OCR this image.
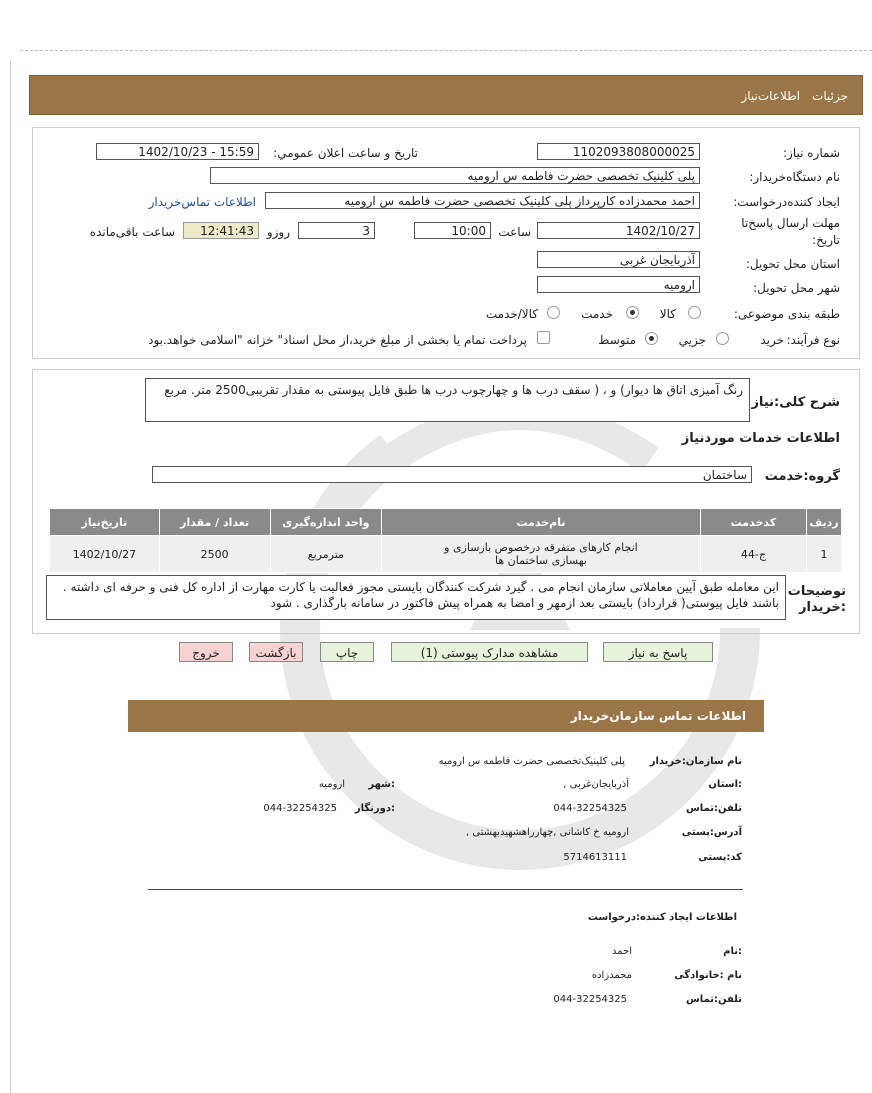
جزئیات
اطلاعات‌نیاز
شماره نیاز:
1102093808000025
تاریخ و ساعت اعلان عمومي:
1402/10/23 - 15:59
نام دستگاه‌خریدار:
پلی کلینیک تخصصی حضرت فاطمه س ارومیه
ایجاد کننده‌درخواست:
احمد محمدزاده کارپرداز پلی کلینیک تخصصی حضرت فاطمه س ارومیه
اطلاعات تماس‌خریدار
مهلت ارسال پاسخ‌تا
تاریخ:
1402/10/27
ساعت
10:00
3
روزو
12:41:43
ساعت باقی‌مانده
استان محل تحویل:
آذربایجان غربی
شهر محل تحویل:
ارومیه
طبقه بندی موضوعی:
کالا
خدمت
کالا/خدمت
نوع فرآیند:
خرید
جزیي
متوسط
پرداخت تمام یا بخشی از مبلغ خرید،از محل اسناد" خزانه "اسلامی خواهد.بود
شرح کلی:نیاز
رنگ آمیزی اتاق ها دیوار) و ، ( سقف درب ها و چهارچوب درب ها طبق فایل پیوستی به مقدار تقریبی2500 متر. مربع
اطلاعات خدمات موردنیاز
گروه:خدمت
ساختمان
ردیف	کدخدمت	نام‌خدمت	واحد اندازه‌گیری	تعداد / مقدار	تاریخ‌نیاز
1	ج-44	انجام کارهای متفرقه درخصوص بازسازی و بهسازی ساختمان ها	مترمربع	2500	1402/10/27
توضیحات
:خریدار
این معامله طبق آیین معاملاتی سازمان انجام می . گیرد شرکت کنندگان بایستی مجوز فعالیت یا کارت مهارت از اداره کل فنی و حرفه ای داشته . باشند فایل پیوستی( قرارداد) بایستی بعد ازمهر و امضا به همراه پیش فاکتور در سامانه بارگذاری . شود
پاسخ به نیاز
مشاهده مدارک پیوستی (1)
چاپ
بازگشت
خروج
اطلاعات تماس سازمان‌خریدار
نام سازمان‌:خریدار
پلی کلینیک‌تخصصی حضرت فاطمه س ارومیه
:استان
آذربایجان‌غربی ,
:شهر
ارومیه
تلفن:تماس
044-32254325
:دورنگار
044-32254325
آدرس:پستی
ارومیه خ کاشانی ,چهارراهشهیدبهشتی ,
کد:پستی
5714613111
اطلاعات ایجاد کننده:درخواست
:نام
احمد
نام :خانوادگی
محمدزاده
تلفن:تماس
044-32254325
